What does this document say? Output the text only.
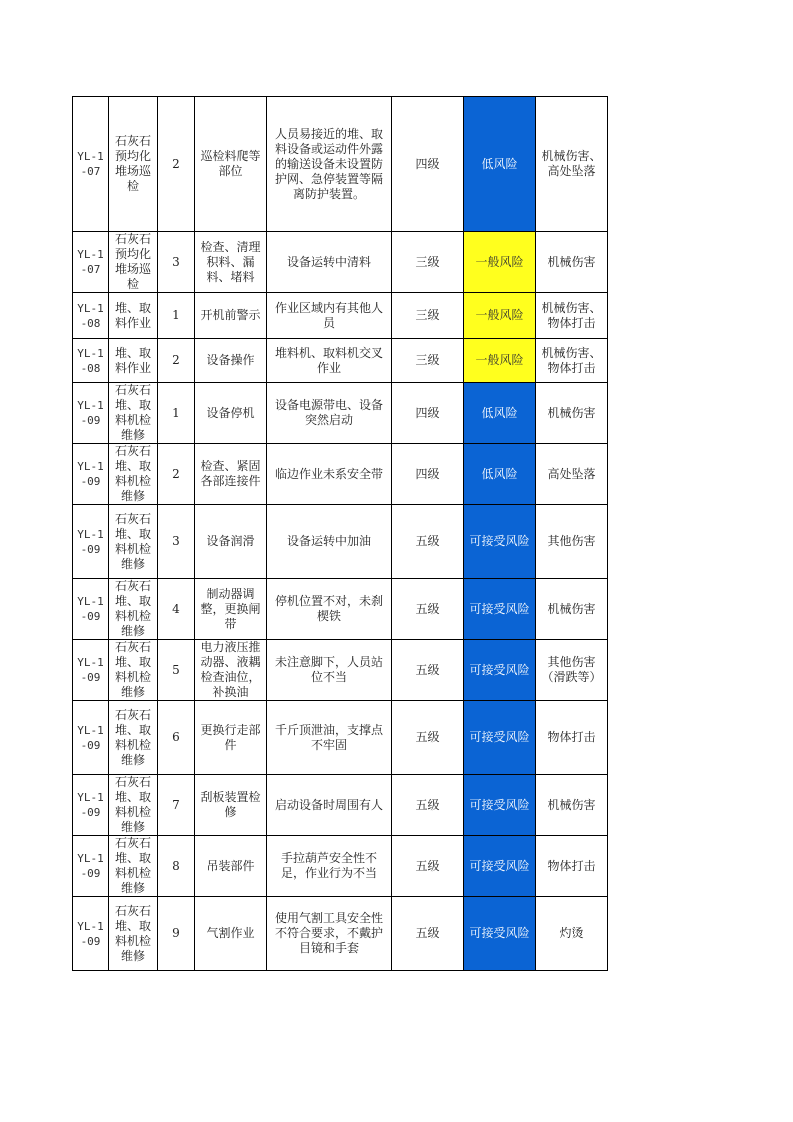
YL-1-07	石灰石预均化堆场巡检	2	巡检料爬等部位	人员易接近的堆、取料设备或运动件外露的输送设备未设置防护网、急停装置等隔离防护装置。	四级	低风险	机械伤害、高处坠落
YL-1-07	石灰石预均化堆场巡检	3	检查、清理积料、漏料、堵料	设备运转中清料	三级	一般风险	机械伤害
YL-1-08	堆、取料作业	1	开机前警示	作业区域内有其他人员	三级	一般风险	机械伤害、物体打击
YL-1-08	堆、取料作业	2	设备操作	堆料机、取料机交叉作业	三级	一般风险	机械伤害、物体打击
YL-1-09	石灰石堆、取料机检维修	1	设备停机	设备电源带电、设备突然启动	四级	低风险	机械伤害
YL-1-09	石灰石堆、取料机检维修	2	检查、紧固各部连接件	临边作业未系安全带	四级	低风险	高处坠落
YL-1-09	石灰石堆、取料机检维修	3	设备润滑	设备运转中加油	五级	可接受风险	其他伤害
YL-1-09	石灰石堆、取料机检维修	4	制动器调整，更换闸带	停机位置不对，未刹楔铁	五级	可接受风险	机械伤害
YL-1-09	石灰石堆、取料机检维修	5	电力液压推动器、液耦检查油位，补换油	未注意脚下，人员站位不当	五级	可接受风险	其他伤害（滑跌等）
YL-1-09	石灰石堆、取料机检维修	6	更换行走部件	千斤顶泄油，支撑点不牢固	五级	可接受风险	物体打击
YL-1-09	石灰石堆、取料机检维修	7	刮板装置检修	启动设备时周围有人	五级	可接受风险	机械伤害
YL-1-09	石灰石堆、取料机检维修	8	吊装部件	手拉葫芦安全性不足，作业行为不当	五级	可接受风险	物体打击
YL-1-09	石灰石堆、取料机检维修	9	气割作业	使用气割工具安全性不符合要求，不戴护目镜和手套	五级	可接受风险	灼烫
